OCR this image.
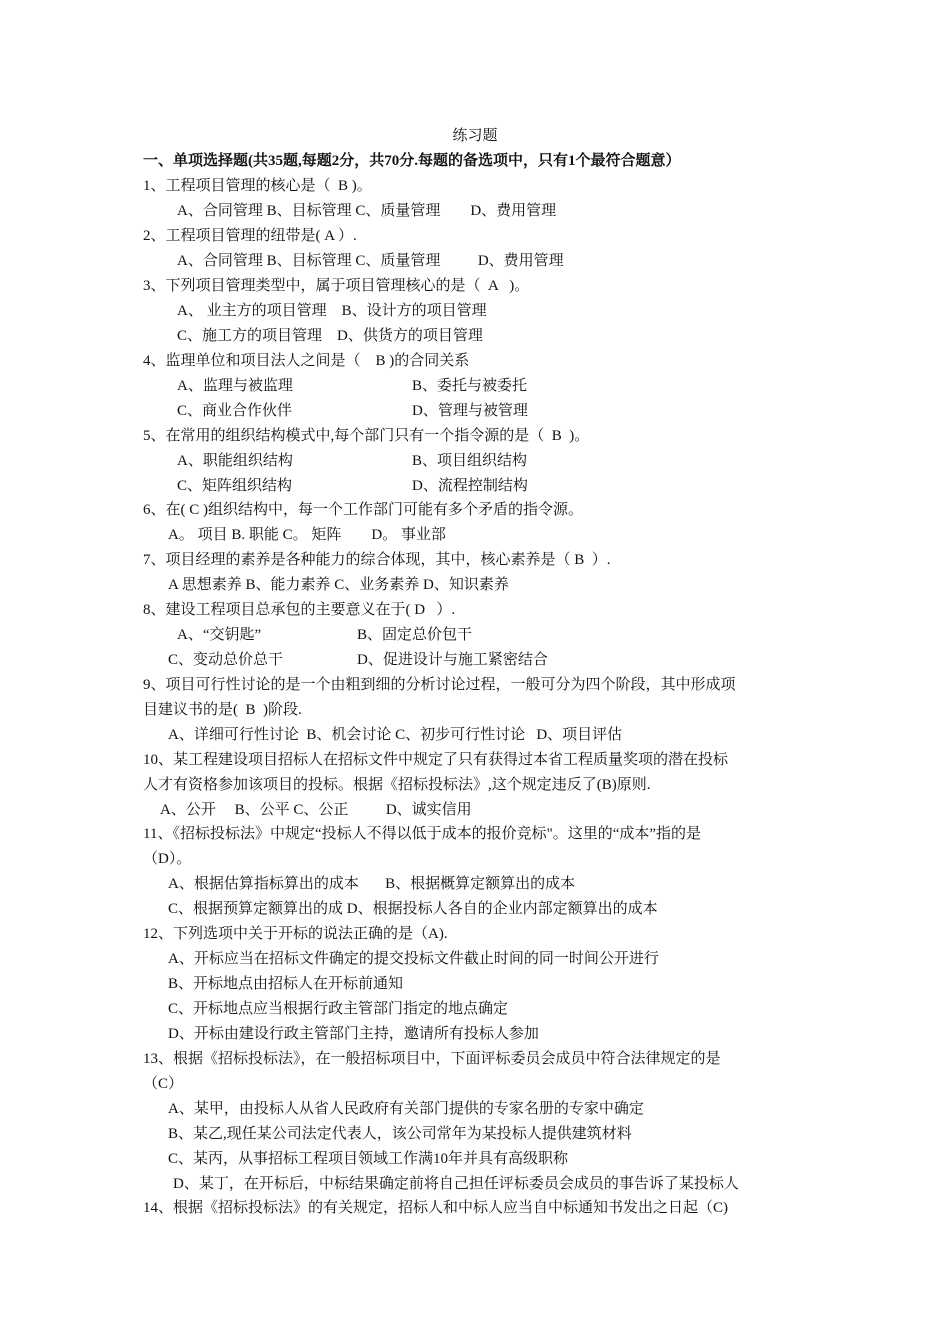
练习题
一、单项选择题(共35题,每题2分，共70分.每题的备选项中，只有1个最符合题意）
1、工程项目管理的核心是（  B )。
A、合同管理 B、目标管理 C、质量管理        D、费用管理
2、工程项目管理的纽带是( A ）.
A、合同管理 B、目标管理 C、质量管理          D、费用管理
3、下列项目管理类型中，属于项目管理核心的是（  A   )。
A、 业主方的项目管理    B、设计方的项目管理
C、施工方的项目管理    D、供货方的项目管理
4、监理单位和项目法人之间是（    B )的合同关系
A、监理与被监理	B、委托与被委托
C、商业合作伙伴	D、管理与被管理
5、在常用的组织结构模式中,每个部门只有一个指令源的是（  B  )。
A、职能组织结构	B、项目组织结构
C、矩阵组织结构	D、流程控制结构
6、在( C )组织结构中，每一个工作部门可能有多个矛盾的指令源。
A。 项目 B. 职能 C。 矩阵        D。 事业部
7、项目经理的素养是各种能力的综合体现，其中，核心素养是（ B  ）.
A 思想素养 B、能力素养 C、业务素养 D、知识素养
8、建设工程项目总承包的主要意义在于( D   ）.
A、“交钥匙”	B、固定总价包干
C、变动总价总干	D、促进设计与施工紧密结合
9、项目可行性讨论的是一个由粗到细的分析讨论过程，一般可分为四个阶段，其中形成项
目建议书的是(  B  )阶段.
A、详细可行性讨论  B、机会讨论 C、初步可行性讨论   D、项目评估
10、某工程建设项目招标人在招标文件中规定了只有获得过本省工程质量奖项的潜在投标
人才有资格参加该项目的投标。根据《招标投标法》,这个规定违反了(B)原则.
A、公开     B、公平 C、公正          D、诚实信用
11、《招标投标法》中规定“投标人不得以低于成本的报价竞标"。这里的“成本”指的是
（D）。
A、根据估算指标算出的成本       B、根据概算定额算出的成本
C、根据预算定额算出的成 D、根据投标人各自的企业内部定额算出的成本
12、下列选项中关于开标的说法正确的是（A).
A、开标应当在招标文件确定的提交投标文件截止时间的同一时间公开进行
B、开标地点由招标人在开标前通知
C、开标地点应当根据行政主管部门指定的地点确定
D、开标由建设行政主管部门主持，邀请所有投标人参加
13、根据《招标投标法》，在一般招标项目中，下面评标委员会成员中符合法律规定的是
（C）
A、某甲，由投标人从省人民政府有关部门提供的专家名册的专家中确定
B、某乙,现任某公司法定代表人，该公司常年为某投标人提供建筑材料
C、某丙，从事招标工程项目领域工作满10年并具有高级职称
D、某丁，在开标后，中标结果确定前将自己担任评标委员会成员的事告诉了某投标人
14、根据《招标投标法》的有关规定，招标人和中标人应当自中标通知书发出之日起（C)
